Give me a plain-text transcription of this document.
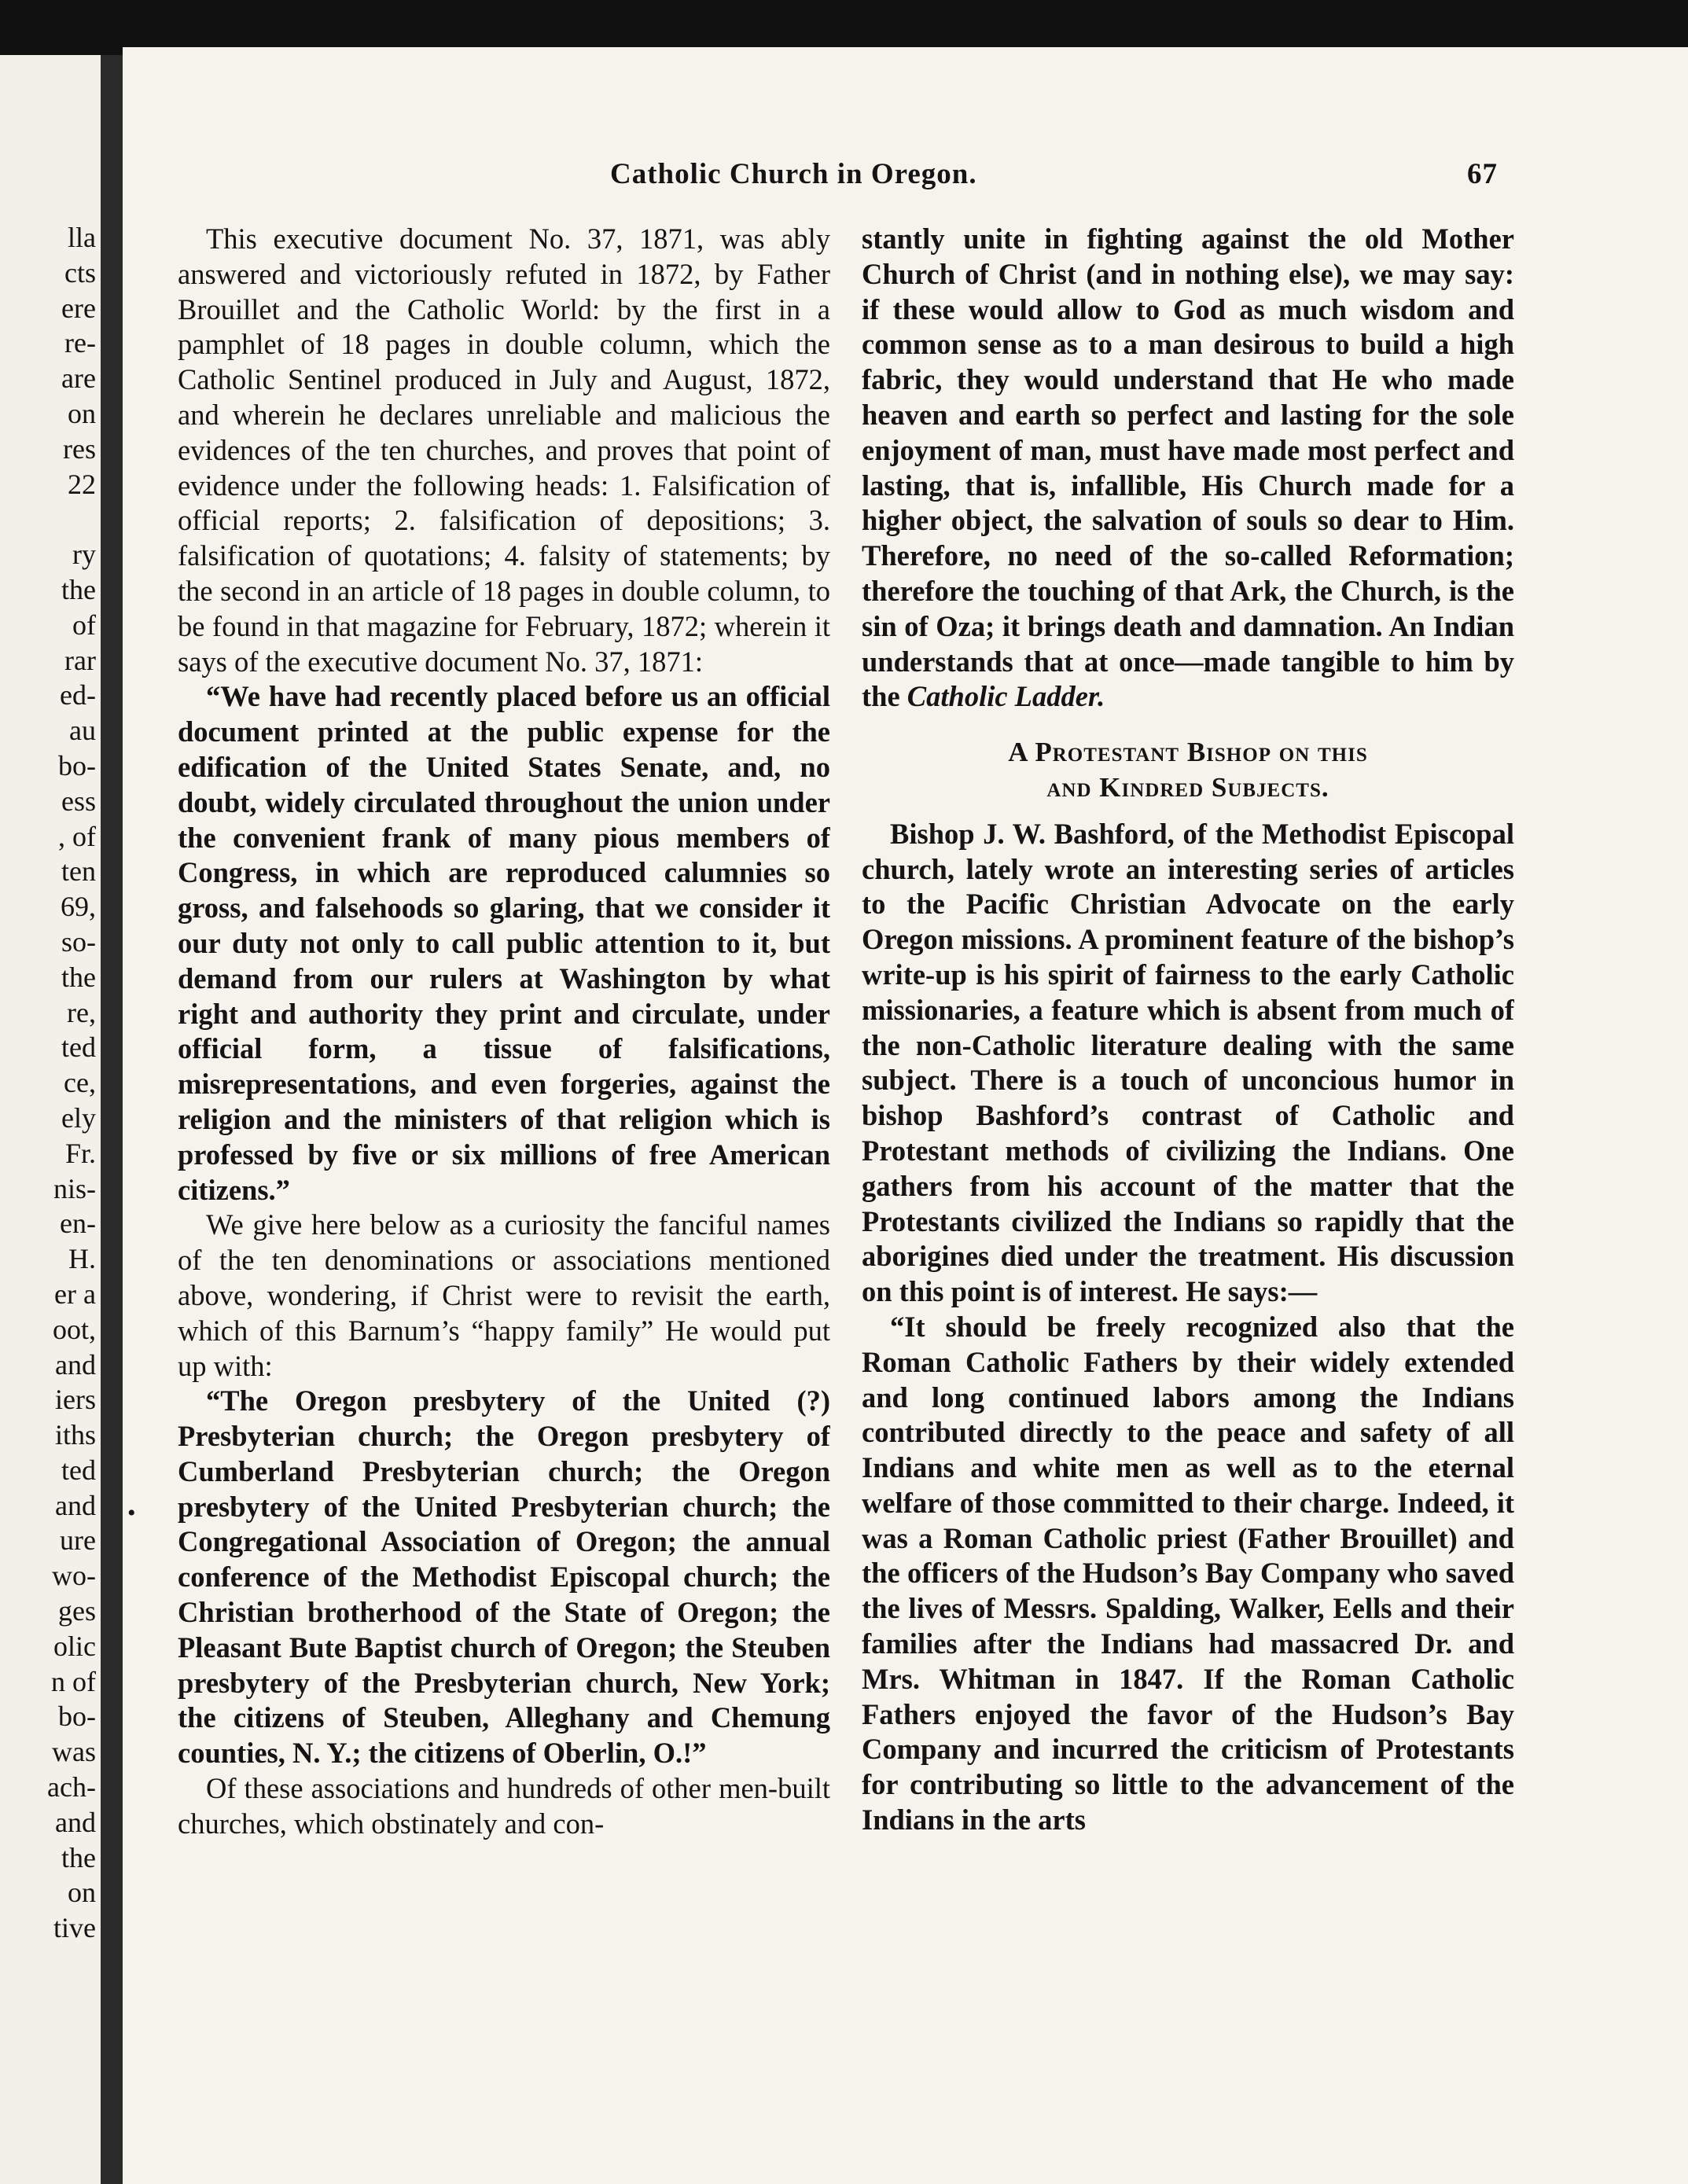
lla
cts
ere
re-
are
on
res
22

ry
the
of
rar
ed-
au
bo-
ess
, of
ten
69,
so-
the
re,
ted
ce,
ely
Fr.
nis-
en-
H.
er a
oot,
and
iers
iths
ted
and
ure
wo-
ges
olic
n of
bo-
was
ach-
and
the
on
tive
Catholic Church in Oregon.	67

This executive document No. 37, 1871, was ably answered and victoriously refuted in 1872, by Father Brouillet and the Catholic World: by the first in a pamphlet of 18 pages in double column, which the Catholic Sentinel produced in July and August, 1872, and wherein he declares unreliable and malicious the evidences of the ten churches, and proves that point of evidence under the following heads: 1. Falsification of official reports; 2. falsification of depositions; 3. falsification of quotations; 4. falsity of statements; by the second in an article of 18 pages in double column, to be found in that magazine for February, 1872; wherein it says of the executive document No. 37, 1871:

“We have had recently placed before us an official document printed at the public expense for the edification of the United States Senate, and, no doubt, widely circulated throughout the union under the convenient frank of many pious members of Congress, in which are reproduced calumnies so gross, and falsehoods so glaring, that we consider it our duty not only to call public attention to it, but demand from our rulers at Washington by what right and authority they print and circulate, under official form, a tissue of falsifications, misrepresentations, and even forgeries, against the religion and the ministers of that religion which is professed by five or six millions of free American citizens.”

We give here below as a curiosity the fanciful names of the ten denominations or associations mentioned above, wondering, if Christ were to revisit the earth, which of this Barnum’s “happy family” He would put up with:

“The Oregon presbytery of the United (?) Presbyterian church; the Oregon presbytery of Cumberland Presbyterian church; the Oregon presbytery of the United Presbyterian church; the Congregational Association of Oregon; the annual conference of the Methodist Episcopal church; the Christian brotherhood of the State of Oregon; the Pleasant Bute Baptist church of Oregon; the Steuben presbytery of the Presbyterian church, New York; the citizens of Steuben, Alleghany and Chemung counties, N. Y.; the citizens of Oberlin, O.!”

Of these associations and hundreds of other men-built churches, which obstinately and con-

stantly unite in fighting against the old Mother Church of Christ (and in nothing else), we may say: if these would allow to God as much wisdom and common sense as to a man desirous to build a high fabric, they would understand that He who made heaven and earth so perfect and lasting for the sole enjoyment of man, must have made most perfect and lasting, that is, infallible, His Church made for a higher object, the salvation of souls so dear to Him. Therefore, no need of the so-called Reformation; therefore the touching of that Ark, the Church, is the sin of Oza; it brings death and damnation. An Indian understands that at once—made tangible to him by the Catholic Ladder.

A Protestant Bishop on this
and Kindred Subjects.

Bishop J. W. Bashford, of the Methodist Episcopal church, lately wrote an interesting series of articles to the Pacific Christian Advocate on the early Oregon missions. A prominent feature of the bishop’s write-up is his spirit of fairness to the early Catholic missionaries, a feature which is absent from much of the non-Catholic literature dealing with the same subject. There is a touch of unconcious humor in bishop Bashford’s contrast of Catholic and Protestant methods of civilizing the Indians. One gathers from his account of the matter that the Protestants civilized the Indians so rapidly that the aborigines died under the treatment. His discussion on this point is of interest. He says:—

“It should be freely recognized also that the Roman Catholic Fathers by their widely extended and long continued labors among the Indians contributed directly to the peace and safety of all Indians and white men as well as to the eternal welfare of those committed to their charge. Indeed, it was a Roman Catholic priest (Father Brouillet) and the officers of the Hudson’s Bay Company who saved the lives of Messrs. Spalding, Walker, Eells and their families after the Indians had massacred Dr. and Mrs. Whitman in 1847. If the Roman Catholic Fathers enjoyed the favor of the Hudson’s Bay Company and incurred the criticism of Protestants for contributing so little to the advancement of the Indians in the arts

•
